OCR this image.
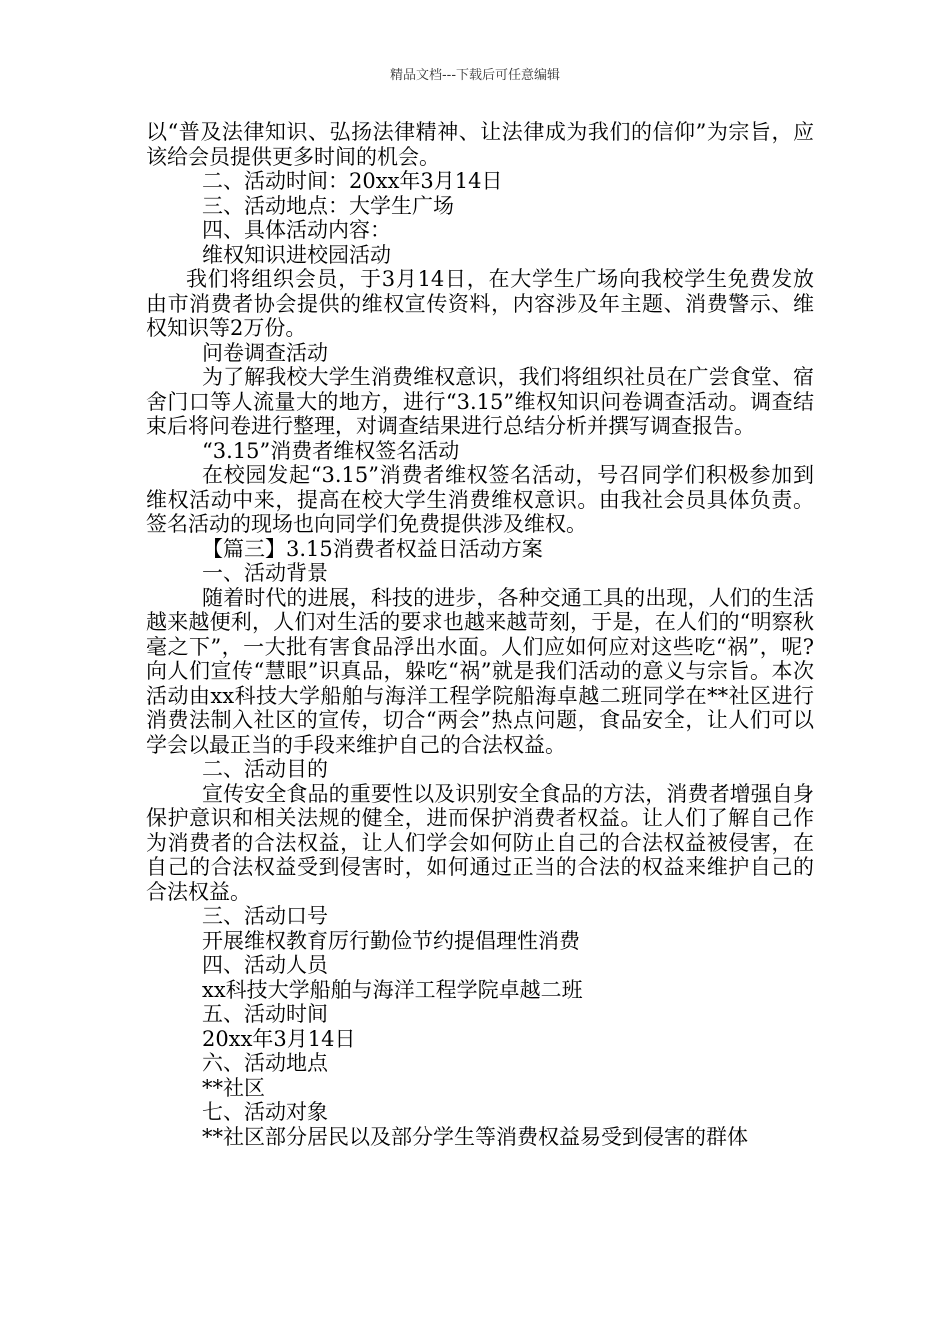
精品文档---下载后可任意编辑

以“普及法律知识、弘扬法律精神、让法律成为我们的信仰”为宗旨，应该给会员提供更多时间的机会。

二、活动时间：20xx年3月14日

三、活动地点：大学生广场

四、具体活动内容：

维权知识进校园活动

我们将组织会员，于3月14日，在大学生广场向我校学生免费发放由市消费者协会提供的维权宣传资料，内容涉及年主题、消费警示、维权知识等2万份。

问卷调查活动

为了解我校大学生消费维权意识，我们将组织社员在广尝食堂、宿舍门口等人流量大的地方，进行“3.15”维权知识问卷调查活动。调查结束后将问卷进行整理，对调查结果进行总结分析并撰写调查报告。

“3.15”消费者维权签名活动

在校园发起“3.15”消费者维权签名活动，号召同学们积极参加到维权活动中来，提高在校大学生消费维权意识。由我社会员具体负责。签名活动的现场也向同学们免费提供涉及维权。

【篇三】3.15消费者权益日活动方案

一、活动背景

随着时代的进展，科技的进步，各种交通工具的出现，人们的生活越来越便利，人们对生活的要求也越来越苛刻，于是，在人们的“明察秋毫之下”，一大批有害食品浮出水面。人们应如何应对这些吃“祸”，呢?向人们宣传“慧眼”识真品，躲吃“祸”就是我们活动的意义与宗旨。本次活动由xx科技大学船舶与海洋工程学院船海卓越二班同学在**社区进行消费法制入社区的宣传，切合“两会”热点问题，食品安全，让人们可以学会以最正当的手段来维护自己的合法权益。

二、活动目的

宣传安全食品的重要性以及识别安全食品的方法，消费者增强自身保护意识和相关法规的健全，进而保护消费者权益。让人们了解自己作为消费者的合法权益，让人们学会如何防止自己的合法权益被侵害，在自己的合法权益受到侵害时，如何通过正当的合法的权益来维护自己的合法权益。

三、活动口号

开展维权教育厉行勤俭节约提倡理性消费

四、活动人员

xx科技大学船舶与海洋工程学院卓越二班

五、活动时间

20xx年3月14日

六、活动地点

**社区

七、活动对象

**社区部分居民以及部分学生等消费权益易受到侵害的群体
